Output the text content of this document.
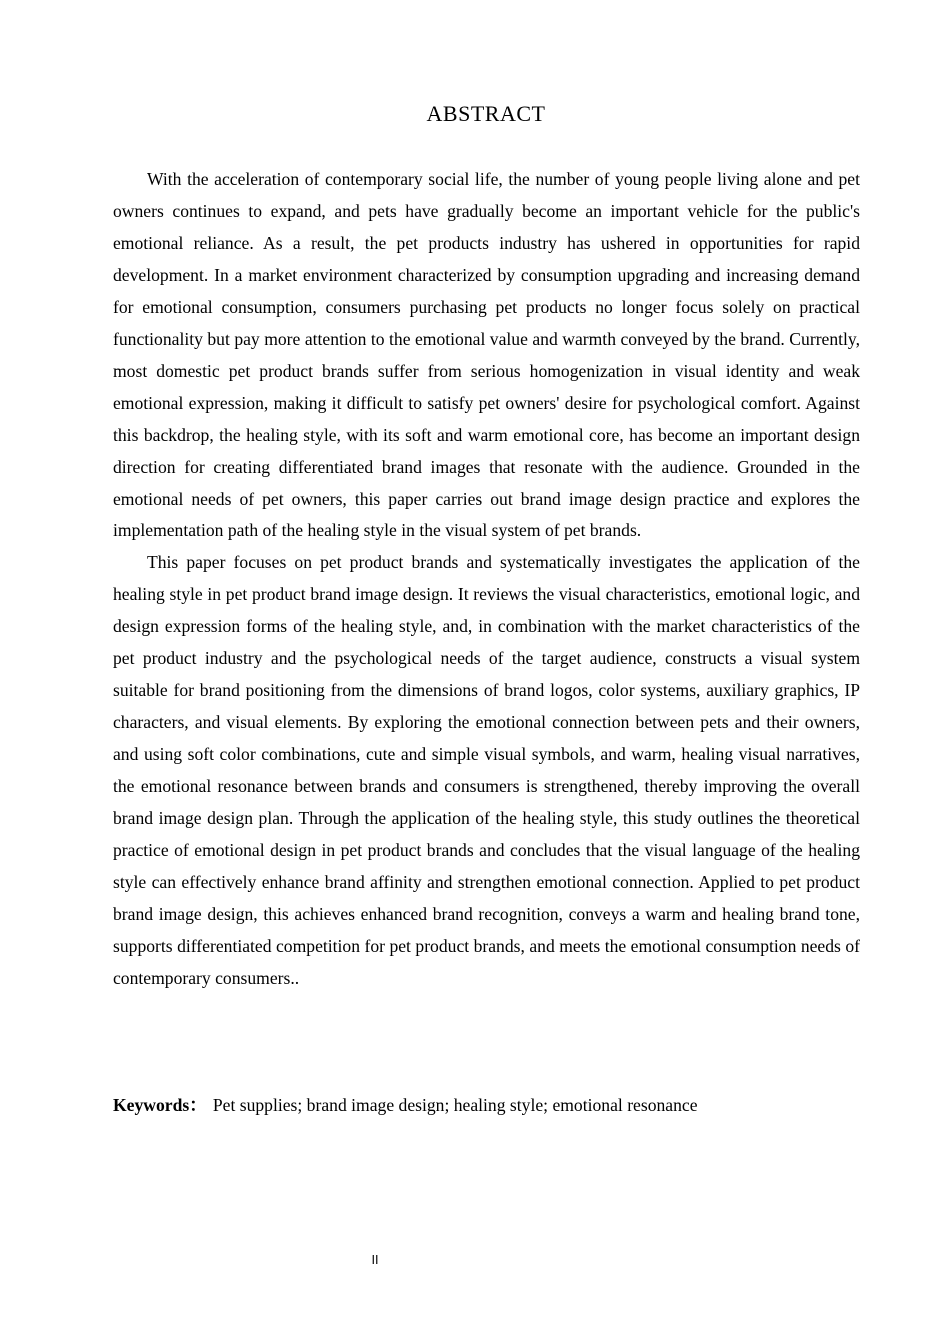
ABSTRACT

With the acceleration of contemporary social life, the number of young people living alone and pet owners continues to expand, and pets have gradually become an important vehicle for the public's emotional reliance. As a result, the pet products industry has ushered in opportunities for rapid development. In a market environment characterized by consumption upgrading and increasing demand for emotional consumption, consumers purchasing pet products no longer focus solely on practical functionality but pay more attention to the emotional value and warmth conveyed by the brand. Currently, most domestic pet product brands suffer from serious homogenization in visual identity and weak emotional expression, making it difficult to satisfy pet owners' desire for psychological comfort. Against this backdrop, the healing style, with its soft and warm emotional core, has become an important design direction for creating differentiated brand images that resonate with the audience. Grounded in the emotional needs of pet owners, this paper carries out brand image design practice and explores the implementation path of the healing style in the visual system of pet brands.

This paper focuses on pet product brands and systematically investigates the application of the healing style in pet product brand image design. It reviews the visual characteristics, emotional logic, and design expression forms of the healing style, and, in combination with the market characteristics of the pet product industry and the psychological needs of the target audience, constructs a visual system suitable for brand positioning from the dimensions of brand logos, color systems, auxiliary graphics, IP characters, and visual elements. By exploring the emotional connection between pets and their owners, and using soft color combinations, cute and simple visual symbols, and warm, healing visual narratives, the emotional resonance between brands and consumers is strengthened, thereby improving the overall brand image design plan. Through the application of the healing style, this study outlines the theoretical practice of emotional design in pet product brands and concludes that the visual language of the healing style can effectively enhance brand affinity and strengthen emotional connection. Applied to pet product brand image design, this achieves enhanced brand recognition, conveys a warm and healing brand tone, supports differentiated competition for pet product brands, and meets the emotional consumption needs of contemporary consumers..

Keywords： Pet supplies; brand image design; healing style; emotional resonance

II
